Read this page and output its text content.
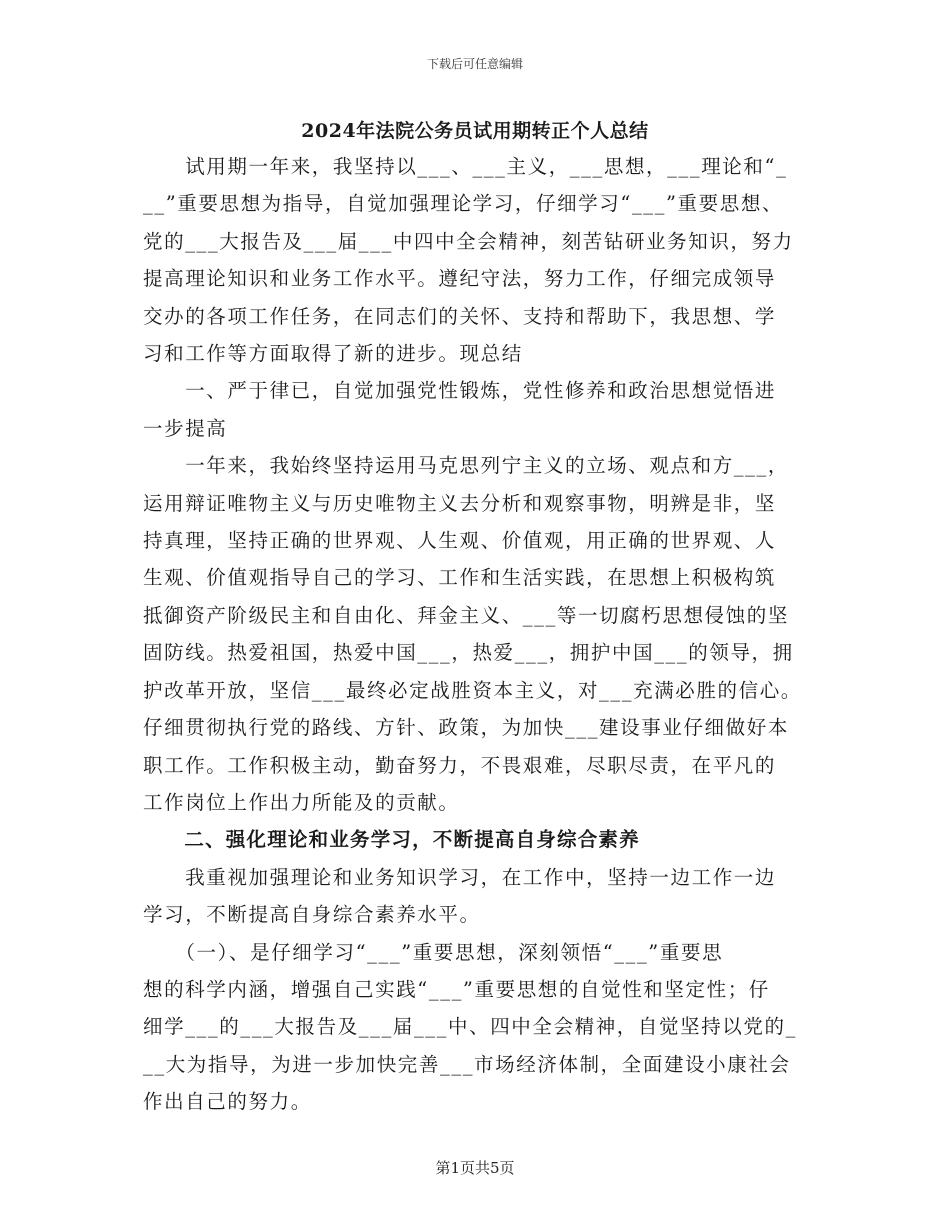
下载后可任意编辑
2024年法院公务员试用期转正个人总结

　　试用期一年来，我坚持以___、___主义，___思想，___理论和“_
__”重要思想为指导，自觉加强理论学习，仔细学习“___”重要思想、
党的___大报告及___届___中四中全会精神，刻苦钻研业务知识，努力
提高理论知识和业务工作水平。遵纪守法，努力工作，仔细完成领导
交办的各项工作任务，在同志们的关怀、支持和帮助下，我思想、学
习和工作等方面取得了新的进步。现总结

　　一、严于律已，自觉加强党性锻炼，党性修养和政治思想觉悟进
一步提高

　　一年来，我始终坚持运用马克思列宁主义的立场、观点和方___，
运用辩证唯物主义与历史唯物主义去分析和观察事物，明辨是非，坚
持真理，坚持正确的世界观、人生观、价值观，用正确的世界观、人
生观、价值观指导自己的学习、工作和生活实践，在思想上积极构筑
抵御资产阶级民主和自由化、拜金主义、___等一切腐朽思想侵蚀的坚
固防线。热爱祖国，热爱中国___，热爱___，拥护中国___的领导，拥
护改革开放，坚信___最终必定战胜资本主义，对___充满必胜的信心。
仔细贯彻执行党的路线、方针、政策，为加快___建设事业仔细做好本
职工作。工作积极主动，勤奋努力，不畏艰难，尽职尽责，在平凡的
工作岗位上作出力所能及的贡献。

　　二、强化理论和业务学习，不断提高自身综合素养

　　我重视加强理论和业务知识学习，在工作中，坚持一边工作一边
学习，不断提高自身综合素养水平。

　　（一）、是仔细学习“___”重要思想，深刻领悟“___”重要思
想的科学内涵，增强自己实践“___”重要思想的自觉性和坚定性；仔
细学___的___大报告及___届___中、四中全会精神，自觉坚持以党的_
__大为指导，为进一步加快完善___市场经济体制，全面建设小康社会
作出自己的努力。

第1页共5页
